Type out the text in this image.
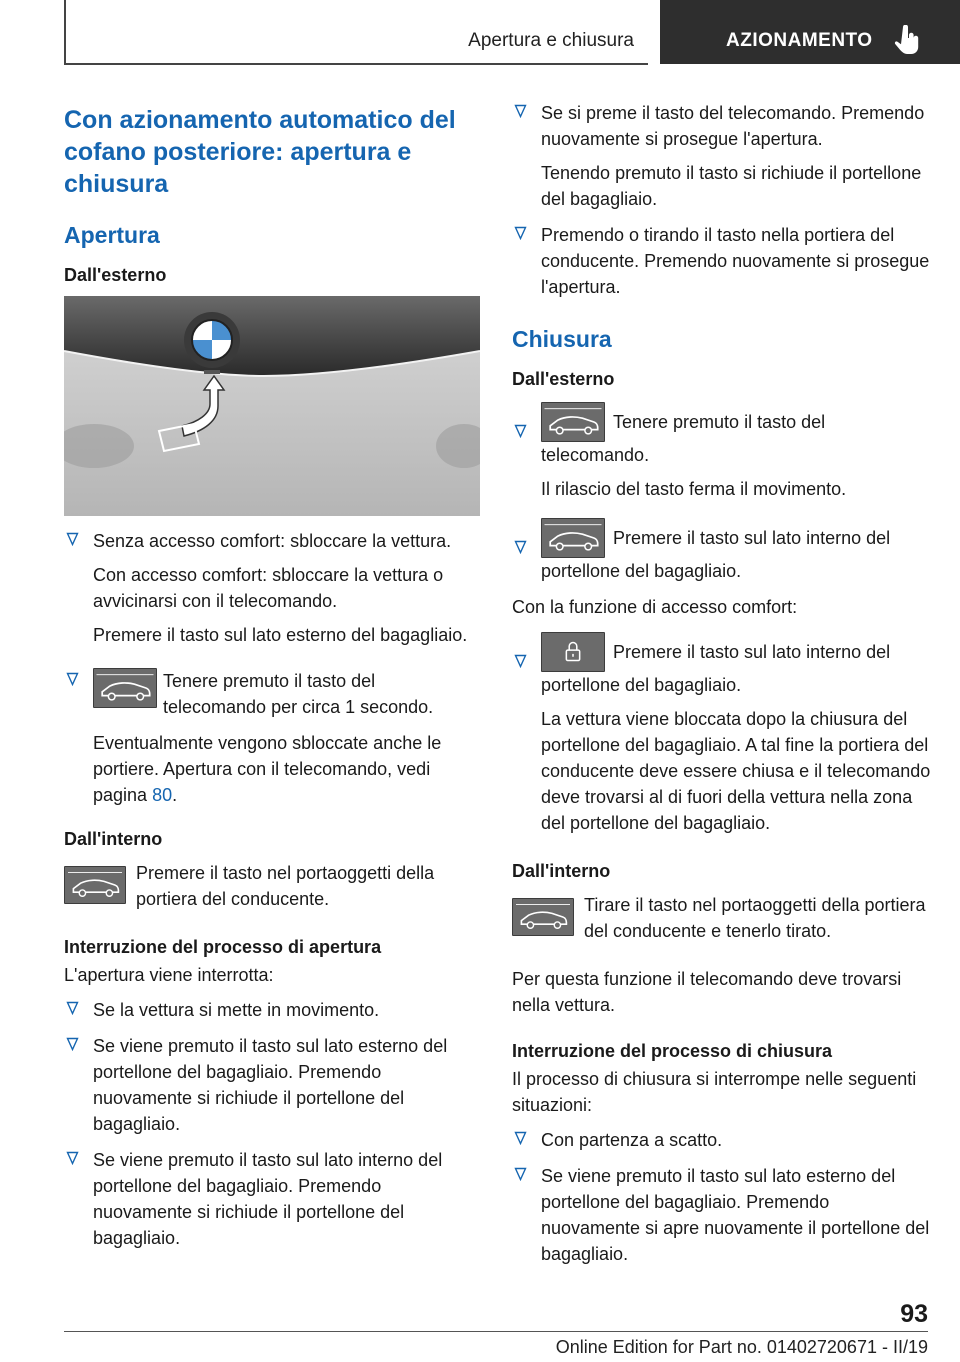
Apertura e chiusura	AZIONAMENTO
Con azionamento automatico del cofano posteriore: apertura e chiusura
Apertura
Dall'esterno

Senza accesso comfort: sbloccare la vettura.

Con accesso comfort: sbloccare la vettura o avvicinarsi con il telecomando.

Premere il tasto sul lato esterno del bagagliaio.

Tenere premuto il tasto del telecomando per circa 1 secondo.

Eventualmente vengono sbloccate anche le portiere. Apertura con il telecomando, vedi pagina 80.

Dall'interno

Premere il tasto nel portaoggetti della portiera del conducente.

Interruzione del processo di apertura

L'apertura viene interrotta:

Se la vettura si mette in movimento.

Se viene premuto il tasto sul lato esterno del portellone del bagagliaio. Premendo nuovamente si richiude il portellone del bagagliaio.

Se viene premuto il tasto sul lato interno del portellone del bagagliaio. Premendo nuovamente si richiude il portellone del bagagliaio.

Se si preme il tasto del telecomando. Premendo nuovamente si prosegue l'apertura.

Tenendo premuto il tasto si richiude il portellone del bagagliaio.

Premendo o tirando il tasto nella portiera del conducente. Premendo nuovamente si prosegue l'apertura.

Chiusura
Dall'esterno

Tenere premuto il tasto del telecomando.

Il rilascio del tasto ferma il movimento.

Premere il tasto sul lato interno del portellone del bagagliaio.

Con la funzione di accesso comfort:

Premere il tasto sul lato interno del portellone del bagagliaio.

La vettura viene bloccata dopo la chiusura del portellone del bagagliaio. A tal fine la portiera del conducente deve essere chiusa e il telecomando deve trovarsi al di fuori della vettura nella zona del portellone del bagagliaio.

Dall'interno

Tirare il tasto nel portaoggetti della portiera del conducente e tenerlo tirato.

Per questa funzione il telecomando deve trovarsi nella vettura.

Interruzione del processo di chiusura

Il processo di chiusura si interrompe nelle seguenti situazioni:

Con partenza a scatto.

Se viene premuto il tasto sul lato esterno del portellone del bagagliaio. Premendo nuovamente si apre nuovamente il portellone del bagagliaio.

93
Online Edition for Part no. 01402720671 - II/19
